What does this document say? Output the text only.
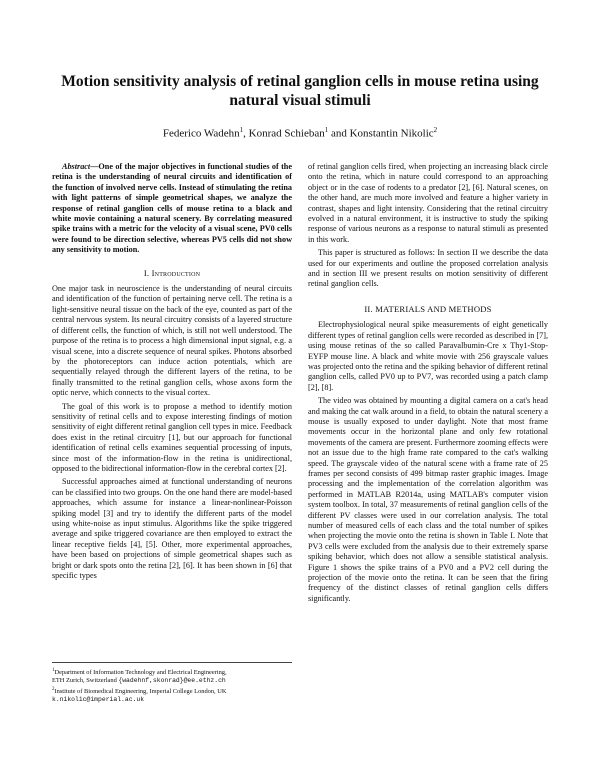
Motion sensitivity analysis of retinal ganglion cells in mouse retina using natural visual stimuli
Federico Wadehn$^1$, Konrad Schieban$^1$ and Konstantin Nikolic$^2$

Abstract—One of the major objectives in functional studies of the retina is the understanding of neural circuits and identification of the function of involved nerve cells. Instead of stimulating the retina with light patterns of simple geometrical shapes, we analyze the response of retinal ganglion cells of mouse retina to a black and white movie containing a natural scenery. By correlating measured spike trains with a metric for the velocity of a visual scene, PV0 cells were found to be direction selective, whereas PV5 cells did not show any sensitivity to motion.

I. Introduction

One major task in neuroscience is the understanding of neural circuits and identification of the function of pertaining nerve cell. The retina is a light-sensitive neural tissue on the back of the eye, counted as part of the central nervous system. Its neural circuitry consists of a layered structure of different cells, the function of which, is still not well understood. The purpose of the retina is to process a high dimensional input signal, e.g. a visual scene, into a discrete sequence of neural spikes. Photons absorbed by the photoreceptors can induce action potentials, which are sequentially relayed through the different layers of the retina, to be finally transmitted to the retinal ganglion cells, whose axons form the optic nerve, which connects to the visual cortex.

The goal of this work is to propose a method to identify motion sensitivity of retinal cells and to expose interesting findings of motion sensitivity of eight different retinal ganglion cell types in mice. Feedback does exist in the retinal circuitry [1], but our approach for functional identification of retinal cells examines sequential processing of inputs, since most of the information-flow in the retina is unidirectional, opposed to the bidirectional information-flow in the cerebral cortex [2].

Successful approaches aimed at functional understanding of neurons can be classified into two groups. On the one hand there are model-based approaches, which assume for instance a linear-nonlinear-Poisson spiking model [3] and try to identify the different parts of the model using white-noise as input stimulus. Algorithms like the spike triggered average and spike triggered covariance are then employed to extract the linear receptive fields [4], [5]. Other, more experimental approaches, have been based on projections of simple geometrical shapes such as bright or dark spots onto the retina [2], [6]. It has been shown in [6] that specific types

of retinal ganglion cells fired, when projecting an increasing black circle onto the retina, which in nature could correspond to an approaching object or in the case of rodents to a predator [2], [6]. Natural scenes, on the other hand, are much more involved and feature a higher variety in contrast, shapes and light intensity. Considering that the retinal circuitry evolved in a natural environment, it is instructive to study the spiking response of various neurons as a response to natural stimuli as presented in this work.

This paper is structured as follows: In section II we describe the data used for our experiments and outline the proposed correlation analysis and in section III we present results on motion sensitivity of different retinal ganglion cells.

II. MATERIALS AND METHODS

Electrophysiological neural spike measurements of eight genetically different types of retinal ganglion cells were recorded as described in [7], using mouse retinas of the so called Paravalbumin-Cre x Thy1-Stop-EYFP mouse line. A black and white movie with 256 grayscale values was projected onto the retina and the spiking behavior of different retinal ganglion cells, called PV0 up to PV7, was recorded using a patch clamp [2], [8].

The video was obtained by mounting a digital camera on a cat's head and making the cat walk around in a field, to obtain the natural scenery a mouse is usually exposed to under daylight. Note that most frame movements occur in the horizontal plane and only few rotational movements of the camera are present. Furthermore zooming effects were not an issue due to the high frame rate compared to the cat's walking speed. The grayscale video of the natural scene with a frame rate of 25 frames per second consists of 499 bitmap raster graphic images. Image processing and the implementation of the correlation algorithm was performed in MATLAB R2014a, using MATLAB's computer vision system toolbox. In total, 37 measurements of retinal ganglion cells of the different PV classes were used in our correlation analysis. The total number of measured cells of each class and the total number of spikes when projecting the movie onto the retina is shown in Table I. Note that PV3 cells were excluded from the analysis due to their extremely sparse spiking behavior, which does not allow a sensible statistical analysis. Figure 1 shows the spike trains of a PV0 and a PV2 cell during the projection of the movie onto the retina. It can be seen that the firing frequency of the distinct classes of retinal ganglion cells differs significantly.

$^1$Department of Information Technology and Electrical Engineering,
ETH Zurich, Switzerland {wadehnf,skonrad}@ee.ethz.ch
$^2$Institute of Biomedical Engineering, Imperial College London, UK
k.nikolic@imperial.ac.uk
